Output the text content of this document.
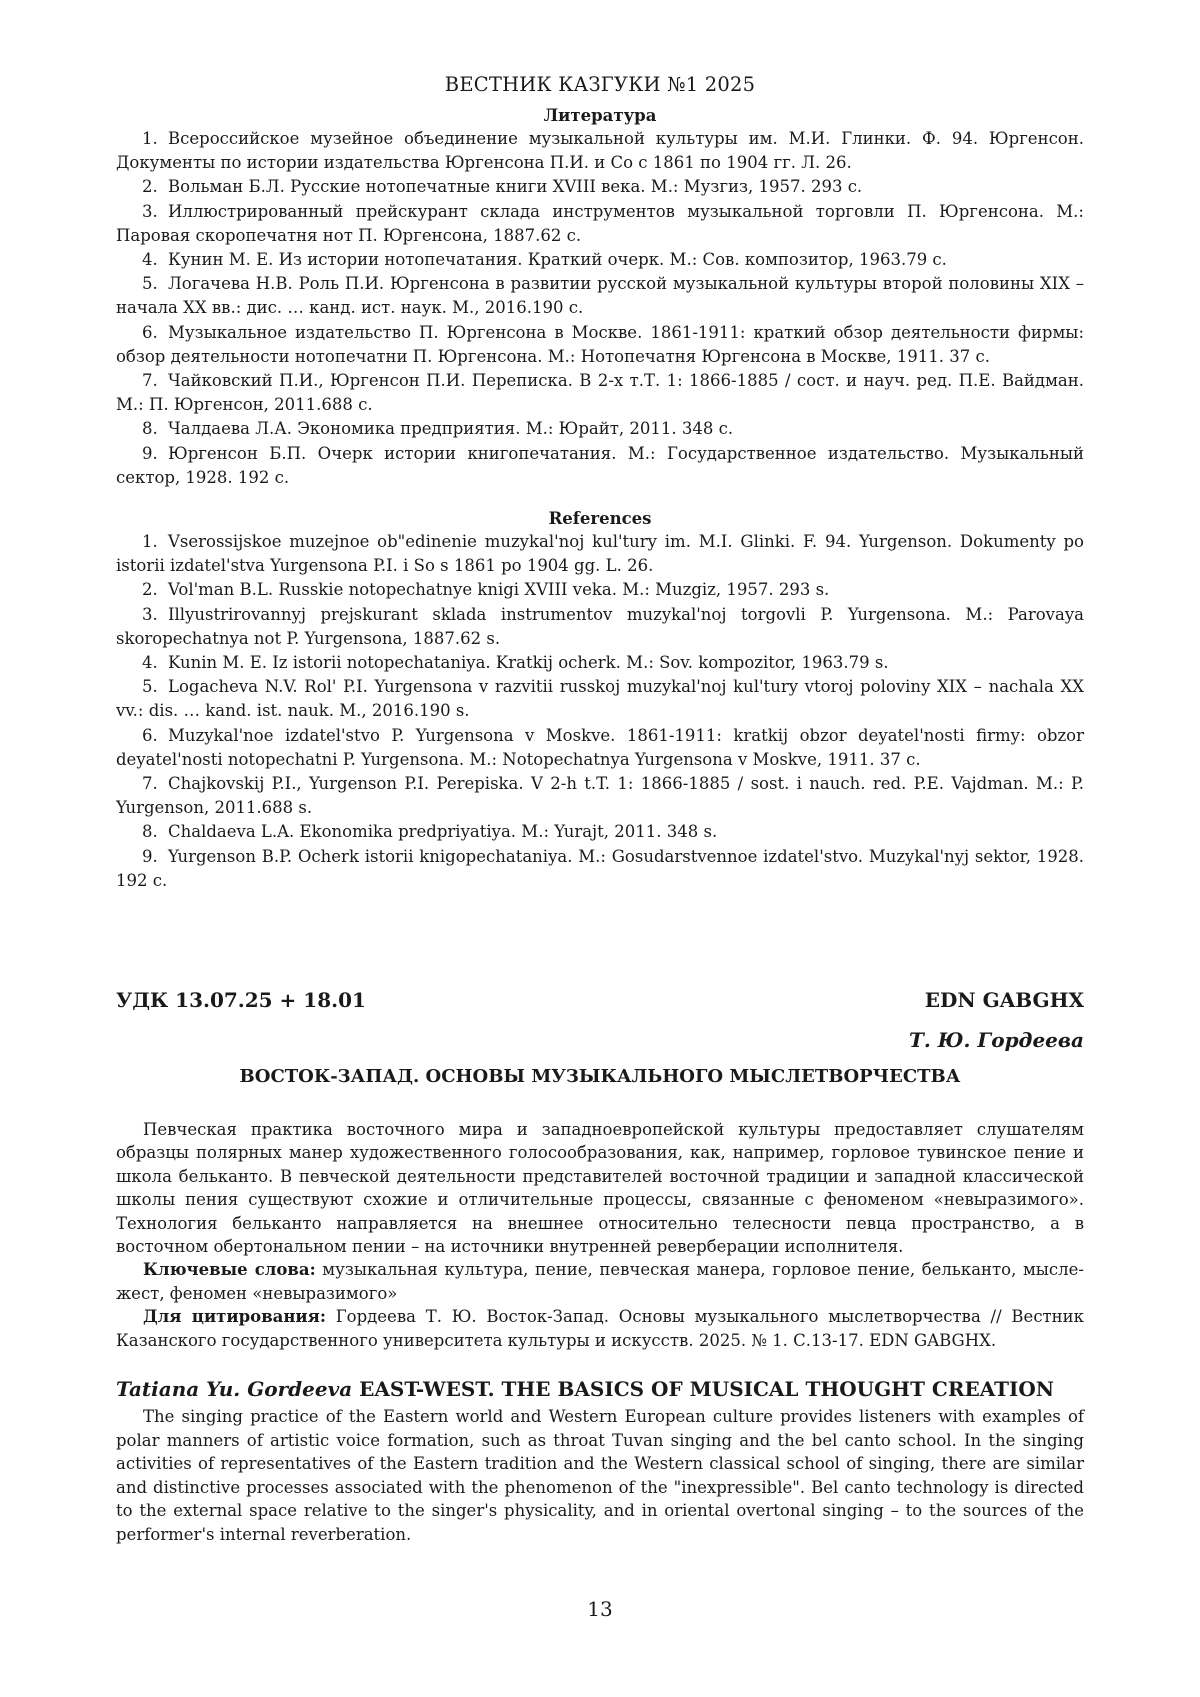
ВЕСТНИК КАЗГУКИ №1 2025
Литература

1. Всероссийское музейное объединение музыкальной культуры им. М.И. Глинки. Ф. 94. Юргенсон. Документы по истории издательства Юргенсона П.И. и Со с 1861 по 1904 гг. Л. 26.

2. Вольман Б.Л. Русские нотопечатные книги XVIII века. М.: Музгиз, 1957. 293 с.

3. Иллюстрированный прейскурант склада инструментов музыкальной торговли П. Юргенсона. М.: Паровая скоропечатня нот П. Юргенсона, 1887.62 с.

4. Кунин М. Е. Из истории нотопечатания. Краткий очерк. М.: Сов. композитор, 1963.79 с.

5. Логачева Н.В. Роль П.И. Юргенсона в развитии русской музыкальной культуры второй половины XIX – начала XX вв.: дис. … канд. ист. наук. М., 2016.190 с.

6. Музыкальное издательство П. Юргенсона в Москве. 1861-1911: краткий обзор деятельности фирмы: обзор деятельности нотопечатни П. Юргенсона. М.: Нотопечатня Юргенсона в Москве, 1911. 37 с.

7. Чайковский П.И., Юргенсон П.И. Переписка. В 2-х т.Т. 1: 1866-1885 / сост. и науч. ред. П.Е. Вайдман. М.: П. Юргенсон, 2011.688 с.

8. Чалдаева Л.А. Экономика предприятия. М.: Юрайт, 2011. 348 с.

9. Юргенсон Б.П. Очерк истории книгопечатания. М.: Государственное издательство. Музыкальный сектор, 1928. 192 с.

References

1. Vserossijskoe muzejnoe ob"edinenie muzykal'noj kul'tury im. M.I. Glinki. F. 94. Yurgenson. Dokumenty po istorii izdatel'stva Yurgensona P.I. i So s 1861 po 1904 gg. L. 26.

2. Vol'man B.L. Russkie notopechatnye knigi XVIII veka. M.: Muzgiz, 1957. 293 s.

3. Illyustrirovannyj prejskurant sklada instrumentov muzykal'noj torgovli P. Yurgensona. M.: Parovaya skoropechatnya not P. Yurgensona, 1887.62 s.

4. Kunin M. E. Iz istorii notopechataniya. Kratkij ocherk. M.: Sov. kompozitor, 1963.79 s.

5. Logacheva N.V. Rol' P.I. Yurgensona v razvitii russkoj muzykal'noj kul'tury vtoroj poloviny XIX – nachala XX vv.: dis. … kand. ist. nauk. M., 2016.190 s.

6. Muzykal'noe izdatel'stvo P. Yurgensona v Moskve. 1861-1911: kratkij obzor deyatel'nosti firmy: obzor deyatel'nosti notopechatni P. Yurgensona. M.: Notopechatnya Yurgensona v Moskve, 1911. 37 c.

7. Chajkovskij P.I., Yurgenson P.I. Perepiska. V 2-h t.T. 1: 1866-1885 / sost. i nauch. red. P.E. Vajdman. M.: P. Yurgenson, 2011.688 s.

8. Chaldaeva L.A. Ekonomika predpriyatiya. M.: Yurajt, 2011. 348 s.

9. Yurgenson B.P. Ocherk istorii knigopechataniya. M.: Gosudarstvennoe izdatel'stvo. Muzykal'nyj sektor, 1928. 192 c.

УДК 13.07.25 + 18.01	EDN GABGHX
Т. Ю. Гордеева
ВОСТОК-ЗАПАД. ОСНОВЫ МУЗЫКАЛЬНОГО МЫСЛЕТВОРЧЕСТВА

Певческая практика восточного мира и западноевропейской культуры предоставляет слушателям образцы полярных манер художественного голосообразования, как, например, горловое тувинское пение и школа бельканто. В певческой деятельности представителей восточной традиции и западной классической школы пения существуют схожие и отличительные процессы, связанные с феноменом «невыразимого». Технология бельканто направляется на внешнее относительно телесности певца пространство, а в восточном обертональном пении – на источники внутренней реверберации исполнителя.

Ключевые слова: музыкальная культура, пение, певческая манера, горловое пение, бельканто, мысле-жест, феномен «невыразимого»

Для цитирования: Гордеева Т. Ю. Восток-Запад. Основы музыкального мыслетворчества // Вестник Казанского государственного университета культуры и искусств. 2025. № 1. С.13-17. EDN GABGHX.

Tatiana Yu. Gordeeva EAST-WEST. THE BASICS OF MUSICAL THOUGHT CREATION

The singing practice of the Eastern world and Western European culture provides listeners with examples of polar manners of artistic voice formation, such as throat Tuvan singing and the bel canto school. In the singing activities of representatives of the Eastern tradition and the Western classical school of singing, there are similar and distinctive processes associated with the phenomenon of the "inexpressible". Bel canto technology is directed to the external space relative to the singer's physicality, and in oriental overtonal singing – to the sources of the performer's internal reverberation.

13
